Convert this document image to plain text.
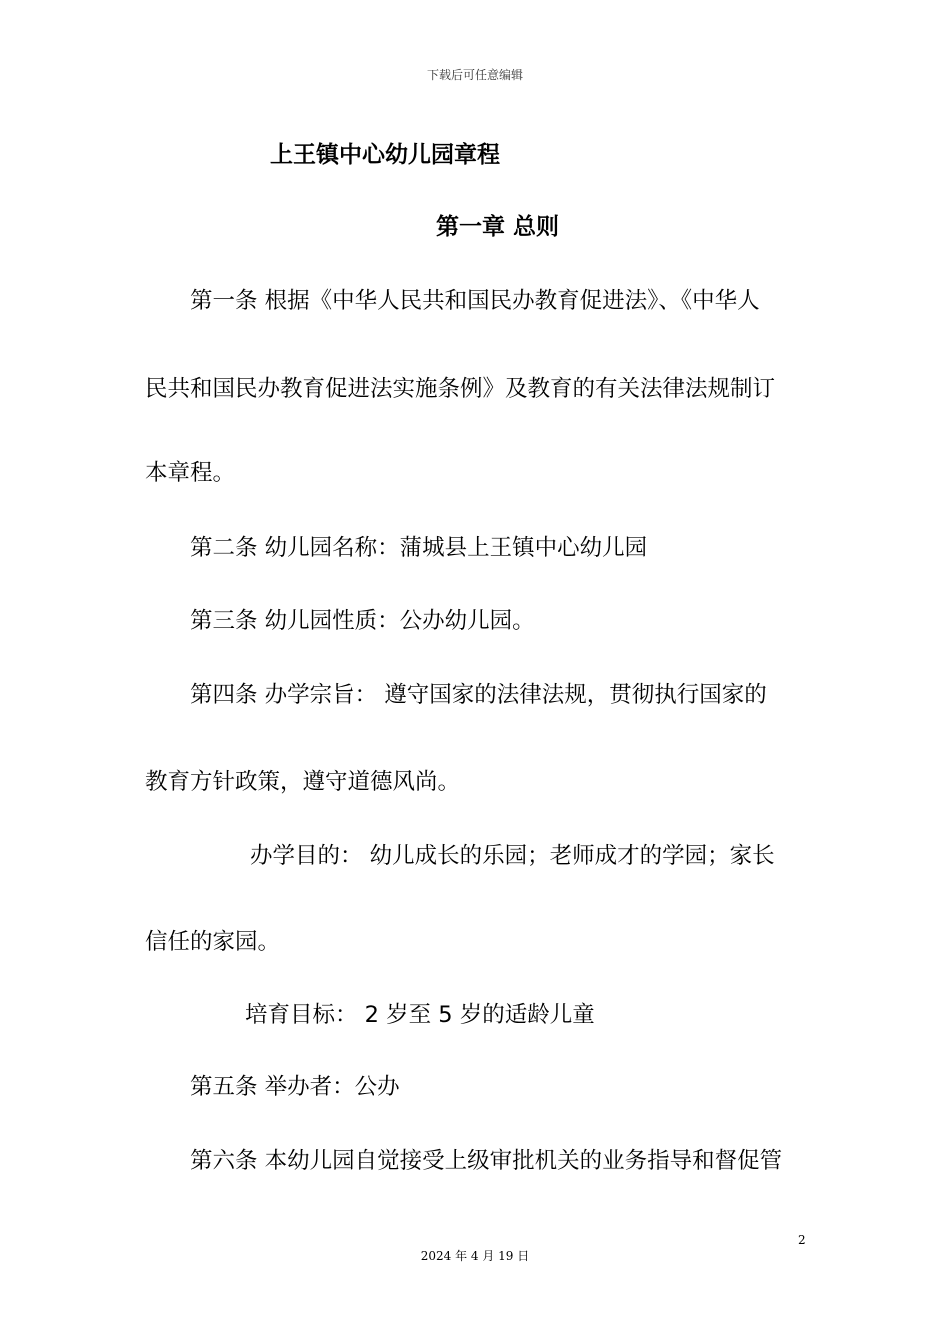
下载后可任意编辑
上王镇中心幼儿园章程
第一章 总则
第一条 根据《中华人民共和国民办教育促进法》、《中华人
民共和国民办教育促进法实施条例》及教育的有关法律法规制订
本章程。
第二条 幼儿园名称：蒲城县上王镇中心幼儿园
第三条 幼儿园性质：公办幼儿园。
第四条 办学宗旨： 遵守国家的法律法规，贯彻执行国家的
教育方针政策，遵守道德风尚。
办学目的： 幼儿成长的乐园；老师成才的学园；家长
信任的家园。
培育目标： 2 岁至 5 岁的适龄儿童
第五条 举办者：公办
第六条 本幼儿园自觉接受上级审批机关的业务指导和督促管
2
2024 年 4 月 19 日
